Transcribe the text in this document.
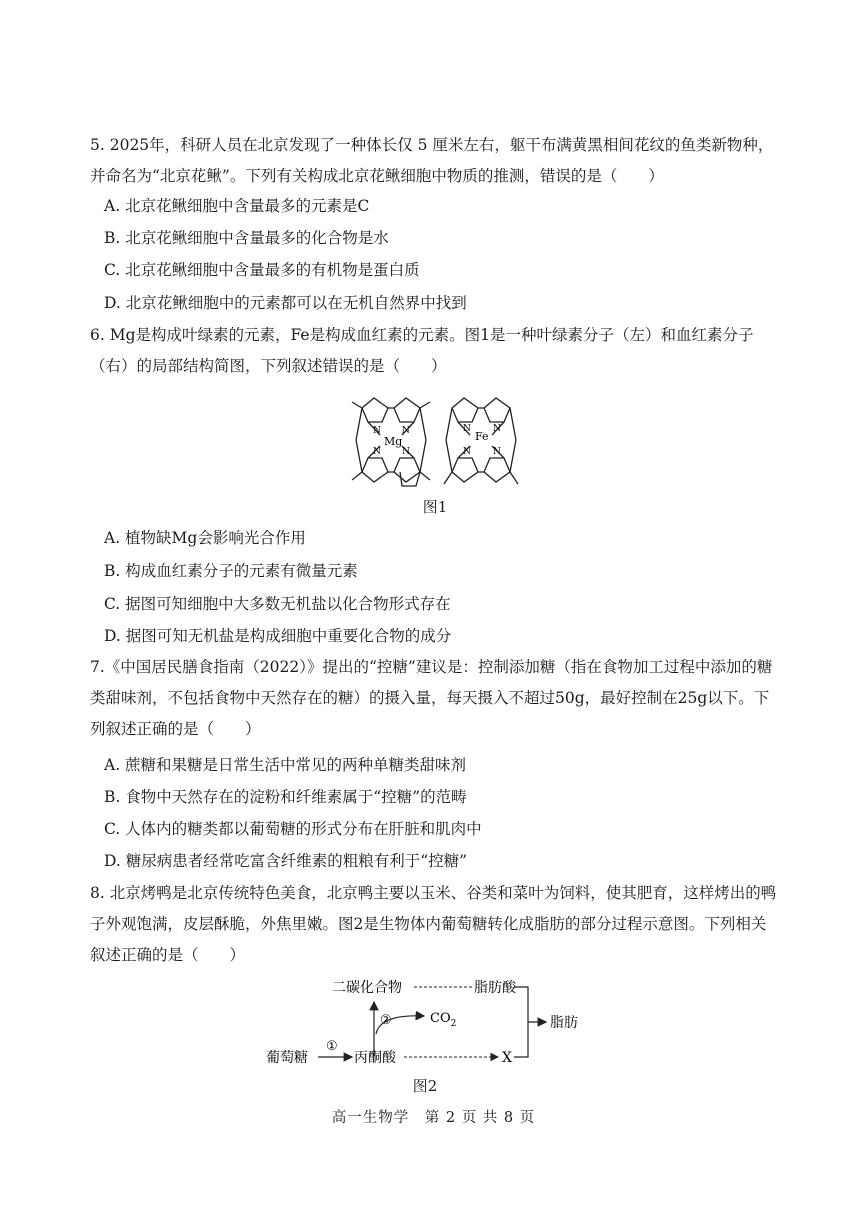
5. 2025年，科研人员在北京发现了一种体长仅 5 厘米左右，躯干布满黄黑相间花纹的鱼类新物种，并命名为“北京花鳅”。下列有关构成北京花鳅细胞中物质的推测，错误的是（　　）

A. 北京花鳅细胞中含量最多的元素是C
B. 北京花鳅细胞中含量最多的化合物是水
C. 北京花鳅细胞中含量最多的有机物是蛋白质
D. 北京花鳅细胞中的元素都可以在无机自然界中找到

6. Mg是构成叶绿素的元素，Fe是构成血红素的元素。图1是一种叶绿素分子（左）和血红素分子（右）的局部结构简图，下列叙述错误的是（　　）

Mg
N N
N N
Fe
N N
N N
图1
A. 植物缺Mg会影响光合作用
B. 构成血红素分子的元素有微量元素
C. 据图可知细胞中大多数无机盐以化合物形式存在
D. 据图可知无机盐是构成细胞中重要化合物的成分

7.《中国居民膳食指南（2022）》提出的“控糖”建议是：控制添加糖（指在食物加工过程中添加的糖类甜味剂，不包括食物中天然存在的糖）的摄入量，每天摄入不超过50g，最好控制在25g以下。下列叙述正确的是（　　）

A. 蔗糖和果糖是日常生活中常见的两种单糖类甜味剂
B. 食物中天然存在的淀粉和纤维素属于“控糖”的范畴
C. 人体内的糖类都以葡萄糖的形式分布在肝脏和肌肉中
D. 糖尿病患者经常吃富含纤维素的粗粮有利于“控糖”

8. 北京烤鸭是北京传统特色美食，北京鸭主要以玉米、谷类和菜叶为饲料，使其肥育，这样烤出的鸭子外观饱满，皮层酥脆，外焦里嫩。图2是生物体内葡萄糖转化成脂肪的部分过程示意图。下列相关叙述正确的是（　　）

二碳化合物	脂肪酸
②	$CO_2$
①
葡萄糖	丙酮酸	X
脂肪
图2
高一生物学　第 2 页 共 8 页
